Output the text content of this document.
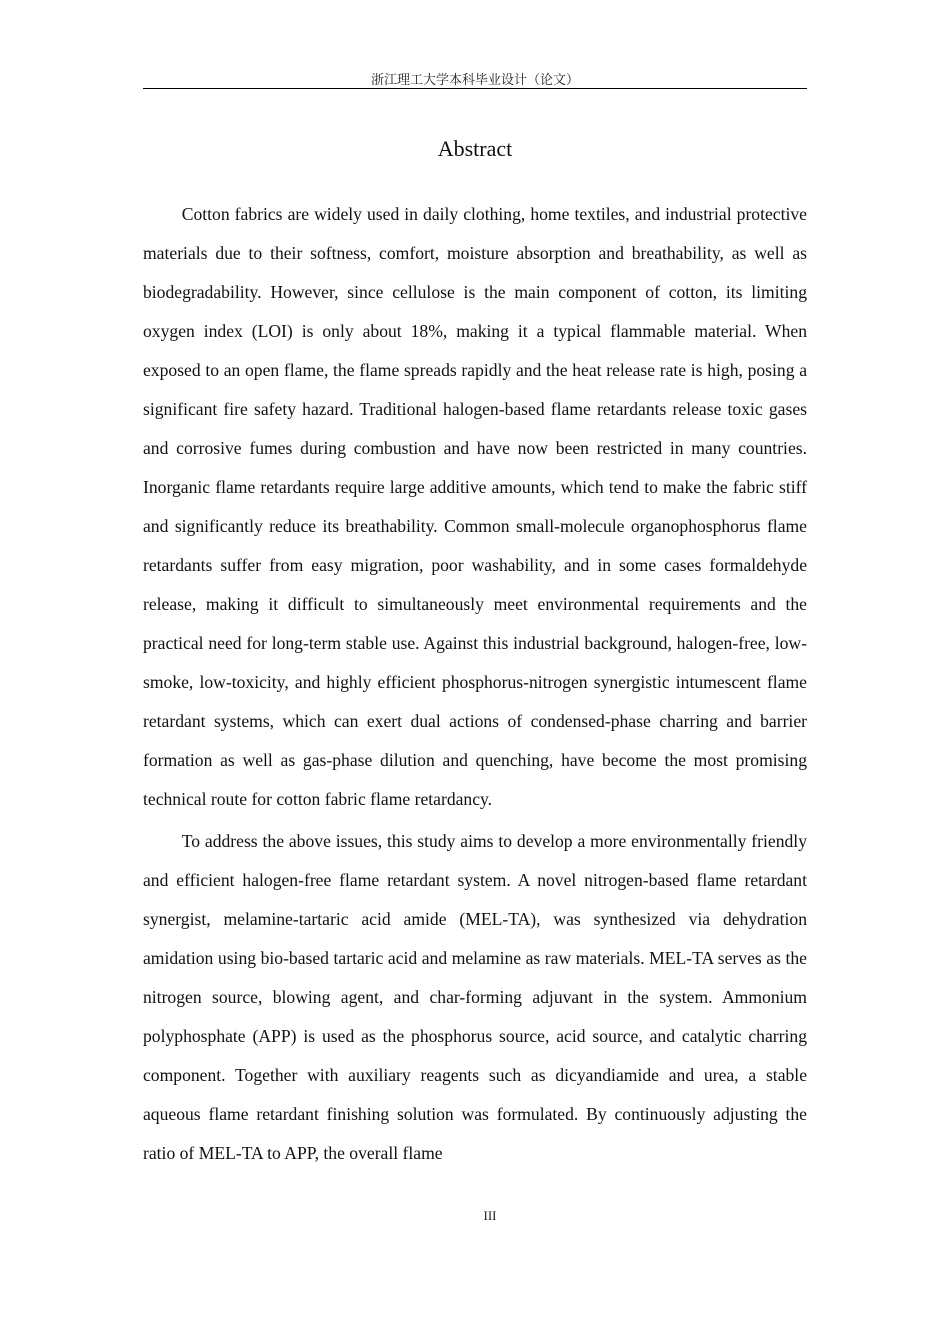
浙江理工大学本科毕业设计（论文）
Abstract

Cotton fabrics are widely used in daily clothing, home textiles, and industrial protective materials due to their softness, comfort, moisture absorption and breathability, as well as biodegradability. However, since cellulose is the main component of cotton, its limiting oxygen index (LOI) is only about 18%, making it a typical flammable material. When exposed to an open flame, the flame spreads rapidly and the heat release rate is high, posing a significant fire safety hazard. Traditional halogen-based flame retardants release toxic gases and corrosive fumes during combustion and have now been restricted in many countries. Inorganic flame retardants require large additive amounts, which tend to make the fabric stiff and significantly reduce its breathability. Common small-molecule organophosphorus flame retardants suffer from easy migration, poor washability, and in some cases formaldehyde release, making it difficult to simultaneously meet environmental requirements and the practical need for long-term stable use. Against this industrial background, halogen-free, low-smoke, low-toxicity, and highly efficient phosphorus-nitrogen synergistic intumescent flame retardant systems, which can exert dual actions of condensed-phase charring and barrier formation as well as gas-phase dilution and quenching, have become the most promising technical route for cotton fabric flame retardancy.

To address the above issues, this study aims to develop a more environmentally friendly and efficient halogen-free flame retardant system. A novel nitrogen-based flame retardant synergist, melamine-tartaric acid amide (MEL-TA), was synthesized via dehydration amidation using bio-based tartaric acid and melamine as raw materials. MEL-TA serves as the nitrogen source, blowing agent, and char-forming adjuvant in the system. Ammonium polyphosphate (APP) is used as the phosphorus source, acid source, and catalytic charring component. Together with auxiliary reagents such as dicyandiamide and urea, a stable aqueous flame retardant finishing solution was formulated. By continuously adjusting the ratio of MEL-TA to APP, the overall flame

III
